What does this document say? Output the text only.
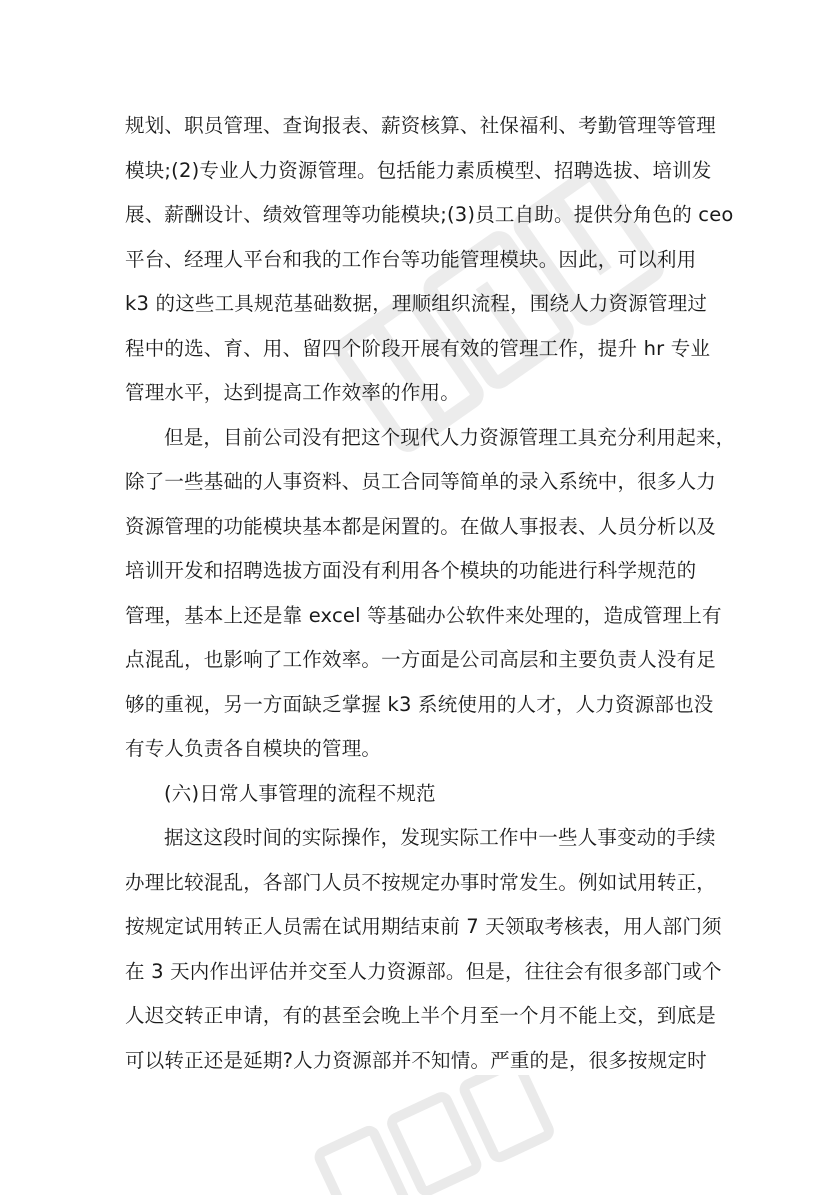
规划、职员管理、查询报表、薪资核算、社保福利、考勤管理等管理
模块;(2)专业人力资源管理。包括能力素质模型、招聘选拔、培训发
展、薪酬设计、绩效管理等功能模块;(3)员工自助。提供分角色的 ceo
平台、经理人平台和我的工作台等功能管理模块。因此，可以利用
k3 的这些工具规范基础数据，理顺组织流程，围绕人力资源管理过
程中的选、育、用、留四个阶段开展有效的管理工作，提升 hr 专业
管理水平，达到提高工作效率的作用。
但是，目前公司没有把这个现代人力资源管理工具充分利用起来，
除了一些基础的人事资料、员工合同等简单的录入系统中，很多人力
资源管理的功能模块基本都是闲置的。在做人事报表、人员分析以及
培训开发和招聘选拔方面没有利用各个模块的功能进行科学规范的
管理，基本上还是靠 excel 等基础办公软件来处理的，造成管理上有
点混乱，也影响了工作效率。一方面是公司高层和主要负责人没有足
够的重视，另一方面缺乏掌握 k3 系统使用的人才，人力资源部也没
有专人负责各自模块的管理。
(六)日常人事管理的流程不规范
据这这段时间的实际操作，发现实际工作中一些人事变动的手续
办理比较混乱，各部门人员不按规定办事时常发生。例如试用转正，
按规定试用转正人员需在试用期结束前 7 天领取考核表，用人部门须
在 3 天内作出评估并交至人力资源部。但是，往往会有很多部门或个
人迟交转正申请，有的甚至会晚上半个月至一个月不能上交，到底是
可以转正还是延期?人力资源部并不知情。严重的是，很多按规定时
